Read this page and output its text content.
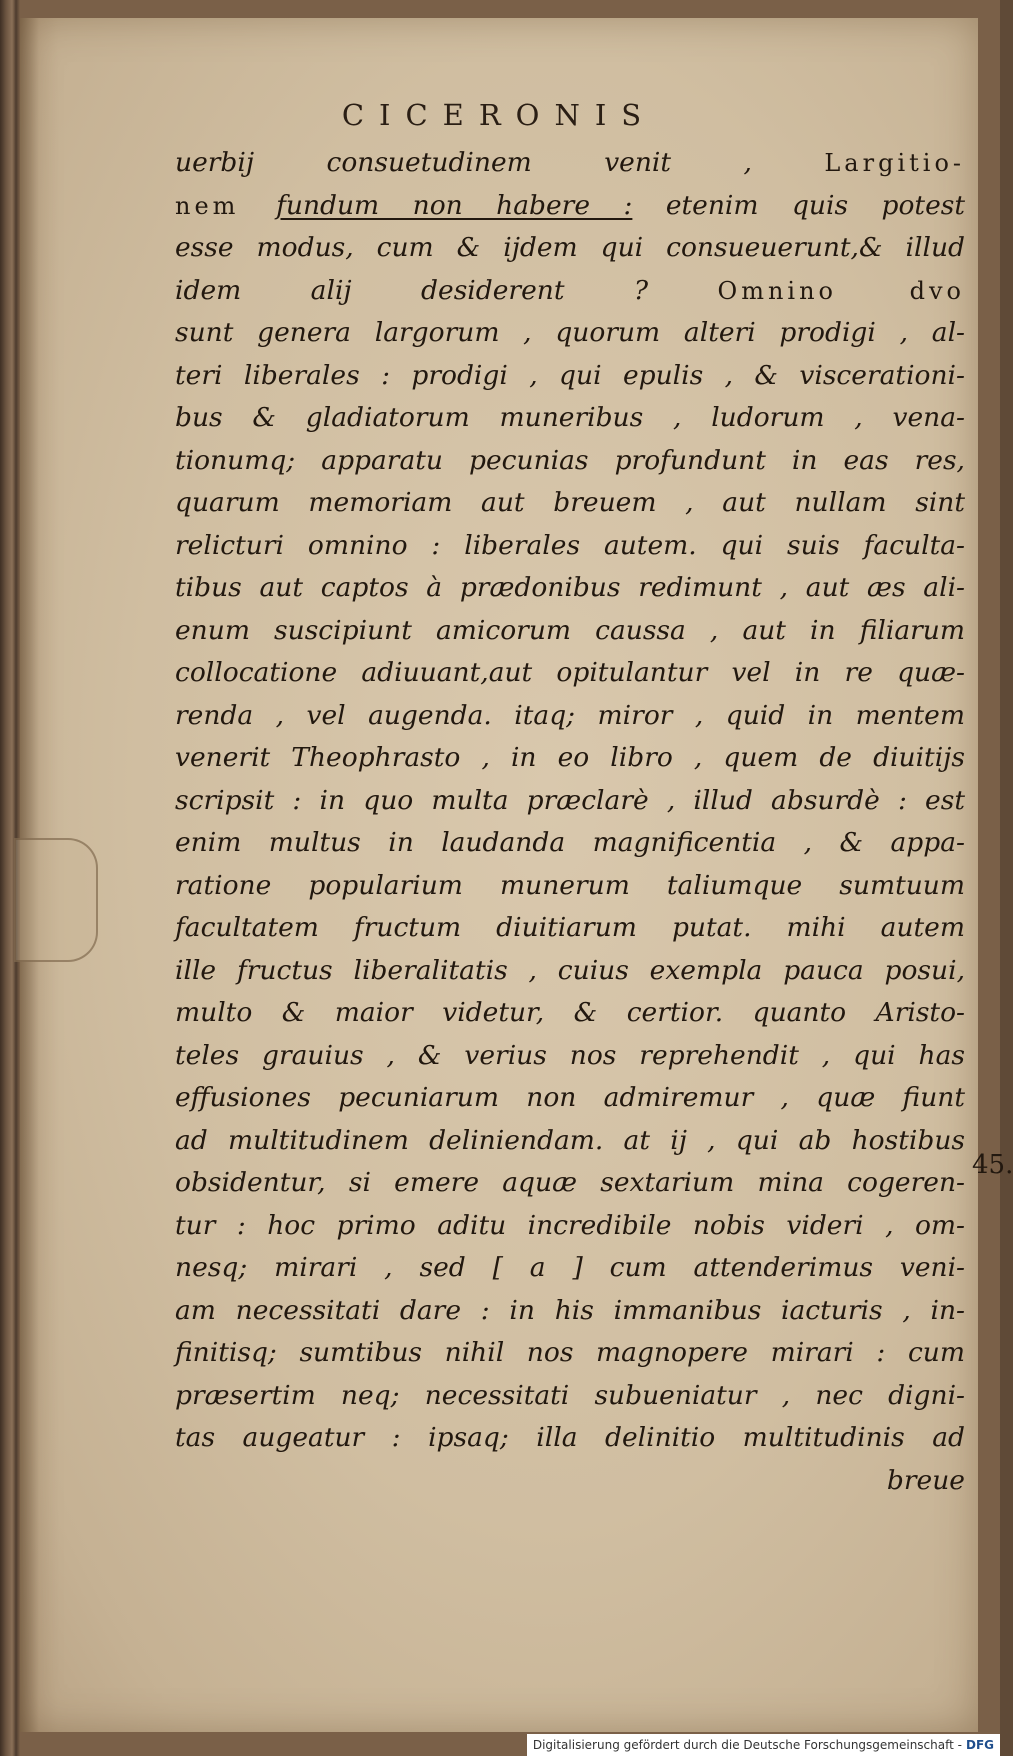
CICERONIS
uerbij consuetudinem venit , Largitio-
nem fundum non habere : etenim quis potest
esse modus, cum & ijdem qui consueuerunt,& illud
idem alij desiderent ? Omnino dvo
sunt genera largorum , quorum alteri prodigi , al-
teri liberales : prodigi , qui epulis , & viscerationi-
bus & gladiatorum muneribus , ludorum , vena-
tionumq; apparatu pecunias profundunt in eas res,
quarum memoriam aut breuem , aut nullam sint
relicturi omnino : liberales autem. qui suis faculta-
tibus aut captos à prædonibus redimunt , aut æs ali-
enum suscipiunt amicorum caussa , aut in filiarum
collocatione adiuuant,aut opitulantur vel in re quæ-
renda , vel augenda. itaq; miror , quid in mentem
venerit Theophrasto , in eo libro , quem de diuitijs
scripsit : in quo multa præclarè , illud absurdè : est
enim multus in laudanda magnificentia , & appa-
ratione popularium munerum taliumque sumtuum
facultatem fructum diuitiarum putat. mihi autem
ille fructus liberalitatis , cuius exempla pauca posui,
multo & maior videtur, & certior. quanto Aristo-
teles grauius , & verius nos reprehendit , qui has
effusiones pecuniarum non admiremur , quæ fiunt
ad multitudinem deliniendam. at ij , qui ab hostibus
obsidentur, si emere aquæ sextarium mina cogeren-
tur : hoc primo aditu incredibile nobis videri , om-
nesq; mirari , sed [ a ] cum attenderimus veni-
am necessitati dare : in his immanibus iacturis , in-
finitisq; sumtibus nihil nos magnopere mirari : cum
præsertim neq; necessitati subueniatur , nec digni-
tas augeatur : ipsaq; illa delinitio multitudinis ad
breue
45.
Digitalisierung gefördert durch die Deutsche Forschungsgemeinschaft - DFG
